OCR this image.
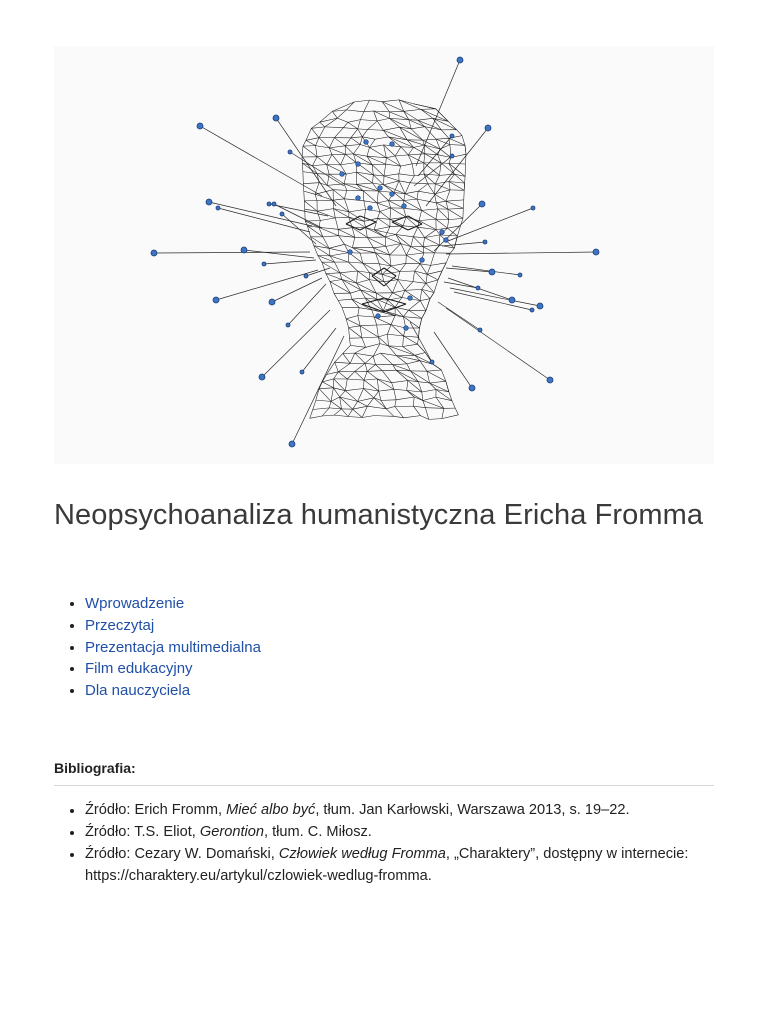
Neopsychoanaliza humanistyczna Ericha Fromma
Wprowadzenie
Przeczytaj
Prezentacja multimedialna
Film edukacyjny
Dla nauczyciela
Bibliografia:
Źródło: Erich Fromm, Mieć albo być, tłum. Jan Karłowski, Warszawa 2013, s. 19–22.
Źródło: T.S. Eliot, Gerontion, tłum. C. Miłosz.
Źródło: Cezary W. Domański, Człowiek według Fromma, „Charaktery”, dostępny w internecie: https://charaktery.eu/artykul/czlowiek-wedlug-fromma.
